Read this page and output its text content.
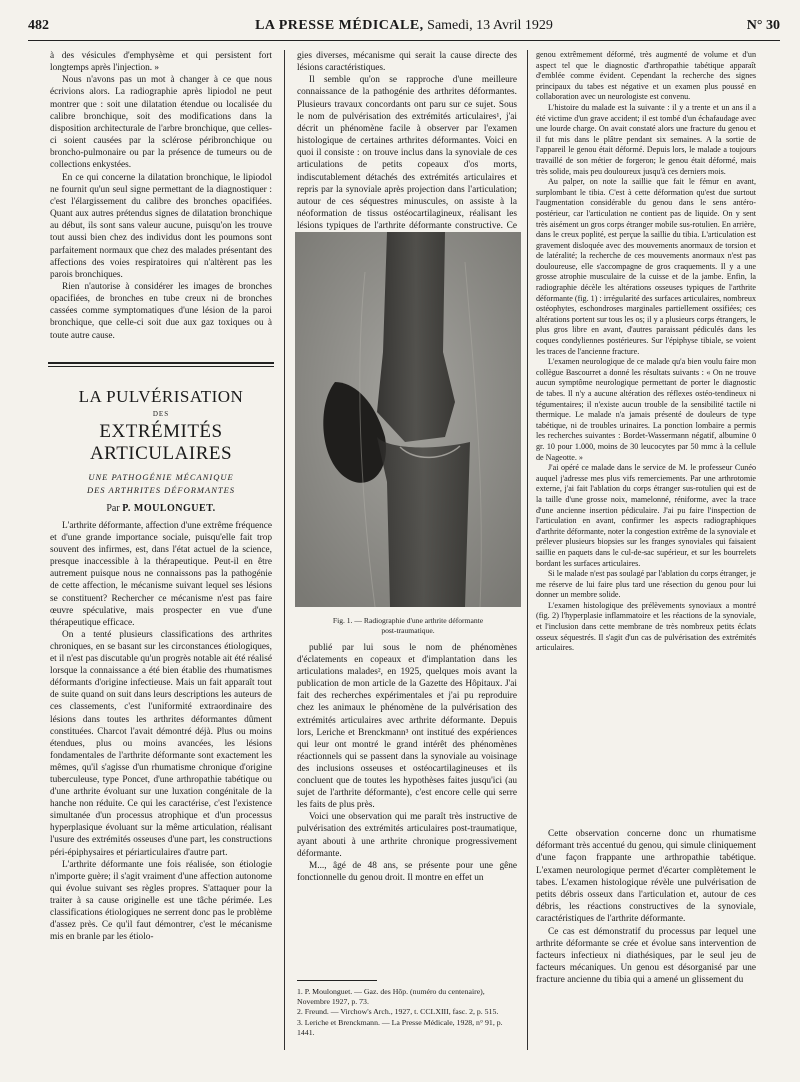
482	LA PRESSE MÉDICALE, Samedi, 13 Avril 1929	N° 30

à des vésicules d'emphysème et qui persistent fort longtemps après l'injection. »

Nous n'avons pas un mot à changer à ce que nous écrivions alors. La radiographie après lipiodol ne peut montrer que : soit une dilatation étendue ou localisée du calibre bronchique, soit des modifications dans la disposition architecturale de l'arbre bronchique, que celles-ci soient causées par la sclérose péribronchique ou broncho-pulmonaire ou par la présence de tumeurs ou de collections enkystées.

En ce qui concerne la dilatation bronchique, le lipiodol ne fournit qu'un seul signe permettant de la diagnostiquer : c'est l'élargissement du calibre des bronches opacifiées. Quant aux autres prétendus signes de dilatation bronchique au début, ils sont sans valeur aucune, puisqu'on les trouve tout aussi bien chez des individus dont les poumons sont parfaitement normaux que chez des malades présentant des affections des voies respiratoires qui n'altèrent pas les parois bronchiques.

Rien n'autorise à considérer les images de bronches opacifiées, de bronches en tube creux ni de bronches cassées comme symptomatiques d'une lésion de la paroi bronchique, que celle-ci soit due aux gaz toxiques ou à toute autre cause.

LA PULVÉRISATION
DES
EXTRÉMITÉS ARTICULAIRES
UNE PATHOGÉNIE MÉCANIQUE
DES ARTHRITES DÉFORMANTES
Par P. MOULONGUET.

L'arthrite déformante, affection d'une extrême fréquence et d'une grande importance sociale, puisqu'elle fait trop souvent des infirmes, est, dans l'état actuel de la science, presque inaccessible à la thérapeutique. Peut-il en être autrement puisque nous ne connaissons pas la pathogénie de cette affection, le mécanisme suivant lequel ses lésions se constituent? Rechercher ce mécanisme n'est pas faire œuvre spéculative, mais prospecter en vue d'une thérapeutique efficace.

On a tenté plusieurs classifications des arthrites chroniques, en se basant sur les circonstances étiologiques, et il n'est pas discutable qu'un progrès notable ait été réalisé lorsque la connaissance a été bien établie des rhumatismes déformants d'origine infectieuse. Mais un fait apparaît tout de suite quand on suit dans leurs descriptions les auteurs de ces classements, c'est l'uniformité extraordinaire des lésions dans toutes les arthrites déformantes dûment constituées. Charcot l'avait démontré déjà. Plus ou moins étendues, plus ou moins avancées, les lésions fondamentales de l'arthrite déformante sont exactement les mêmes, qu'il s'agisse d'un rhumatisme chronique d'origine tuberculeuse, type Poncet, d'une arthropathie tabétique ou d'une arthrite évoluant sur une luxation congénitale de la hanche non réduite. Ce qui les caractérise, c'est l'existence simultanée d'un processus atrophique et d'un processus hyperplasique évoluant sur la même articulation, réalisant l'usure des extrémités osseuses d'une part, les constructions péri-épiphysaires et périarticulaires d'autre part.

L'arthrite déformante une fois réalisée, son étiologie n'importe guère; il s'agit vraiment d'une affection autonome qui évolue suivant ses règles propres. S'attaquer pour la traiter à sa cause originelle est une tâche périmée. Les classifications étiologiques ne serrent donc pas le problème d'assez près. Ce qu'il faut démontrer, c'est le mécanisme mis en branle par les étiolo-

gies diverses, mécanisme qui serait la cause directe des lésions caractéristiques.

Il semble qu'on se rapproche d'une meilleure connaissance de la pathogénie des arthrites déformantes. Plusieurs travaux concordants ont paru sur ce sujet. Sous le nom de pulvérisation des extrémités articulaires¹, j'ai décrit un phénomène facile à observer par l'examen histologique de certaines arthrites déformantes. Voici en quoi il consiste : on trouve inclus dans la synoviale de ces articulations de petits copeaux d'os morts, indiscutablement détachés des extrémités articulaires et repris par la synoviale après projection dans l'articulation; autour de ces séquestres minuscules, on assiste à la néoformation de tissus ostéocartilagineux, réalisant les lésions typiques de l'arthrite déformante constructive. Ce

Fig. 1. — Radiographie d'une arthrite déformante
post-traumatique.

publié par lui sous le nom de phénomènes d'éclatements en copeaux et d'implantation dans les articulations malades², en 1925, quelques mois avant la publication de mon article de la Gazette des Hôpitaux. J'ai fait des recherches expérimentales et j'ai pu reproduire chez les animaux le phénomène de la pulvérisation des extrémités articulaires avec arthrite déformante. Depuis lors, Leriche et Brenckmann³ ont institué des expériences qui leur ont montré le grand intérêt des phénomènes réactionnels qui se passent dans la synoviale au voisinage des inclusions osseuses et ostéocartilagineuses et ils concluent que de toutes les hypothèses faites jusqu'ici (au sujet de l'arthrite déformante), c'est encore celle qui serre les faits de plus près.

Voici une observation qui me paraît très instructive de pulvérisation des extrémités articulaires post-traumatique, ayant abouti à une arthrite chronique progressivement déformante.

M..., âgé de 48 ans, se présente pour une gêne fonctionnelle du genou droit. Il montre en effet un

1. P. Moulonguet. — Gaz. des Hôp. (numéro du centenaire), Novembre 1927, p. 73.
2. Freund. — Virchow's Arch., 1927, t. CCLXIII, fasc. 2, p. 515.
3. Leriche et Brenckmann. — La Presse Médicale, 1928, n° 91, p. 1441.

genou extrêmement déformé, très augmenté de volume et d'un aspect tel que le diagnostic d'arthropathie tabétique apparaît d'emblée comme évident. Cependant la recherche des signes principaux du tabes est négative et un examen plus poussé en collaboration avec un neurologiste est convenu.

L'histoire du malade est la suivante : il y a trente et un ans il a été victime d'un grave accident; il est tombé d'un échafaudage avec une lourde charge. On avait constaté alors une fracture du genou et il fut mis dans le plâtre pendant six semaines. A la sortie de l'appareil le genou était déformé. Depuis lors, le malade a toujours travaillé de son métier de forgeron; le genou était déformé, mais très solide, mais peu douloureux jusqu'à ces derniers mois.

Au palper, on note la saillie que fait le fémur en avant, surplombant le tibia. C'est à cette déformation qu'est due surtout l'augmentation considérable du genou dans le sens antéro-postérieur, car l'articulation ne contient pas de liquide. On y sent très aisément un gros corps étranger mobile sus-rotulien. En arrière, dans le creux poplité, est perçue la saillie du tibia. L'articulation est gravement disloquée avec des mouvements anormaux de torsion et de latéralité; la recherche de ces mouvements anormaux n'est pas douloureuse, elle s'accompagne de gros craquements. Il y a une grosse atrophie musculaire de la cuisse et de la jambe. Enfin, la radiographie décèle les altérations osseuses typiques de l'arthrite déformante (fig. 1) : irrégularité des surfaces articulaires, nombreux ostéophytes, eschondroses marginales partiellement ossifiées; ces altérations portent sur tous les os; il y a plusieurs corps étrangers, le plus gros libre en avant, d'autres paraissant pédiculés dans les coques condyliennes postérieures. Sur l'épiphyse tibiale, se voient les traces de l'ancienne fracture.

L'examen neurologique de ce malade qu'a bien voulu faire mon collègue Bascourret a donné les résultats suivants : « On ne trouve aucun symptôme neurologique permettant de porter le diagnostic de tabes. Il n'y a aucune altération des réflexes ostéo-tendineux ni tégumentaires; il n'existe aucun trouble de la sensibilité tactile ni thermique. Le malade n'a jamais présenté de douleurs de type tabétique, ni de troubles urinaires. La ponction lombaire a permis les recherches suivantes : Bordet-Wassermann négatif, albumine 0 gr. 10 pour 1.000, moins de 30 leucocytes par 50 mmc à la cellule de Nageotte. »

J'ai opéré ce malade dans le service de M. le professeur Cunéo auquel j'adresse mes plus vifs remerciements. Par une arthrotomie externe, j'ai fait l'ablation du corps étranger sus-rotulien qui est de la taille d'une grosse noix, mamelonné, réniforme, avec la trace d'une ancienne insertion pédiculaire. J'ai pu faire l'inspection de l'articulation en avant, confirmer les aspects radiographiques d'arthrite déformante, noter la congestion extrême de la synoviale et prélever plusieurs biopsies sur les franges synoviales qui faisaient saillie en paquets dans le cul-de-sac supérieur, et sur les bourrelets bordant les surfaces articulaires.

Si le malade n'est pas soulagé par l'ablation du corps étranger, je me réserve de lui faire plus tard une résection du genou pour lui donner un membre solide.

L'examen histologique des prélèvements synoviaux a montré (fig. 2) l'hyperplasie inflammatoire et les réactions de la synoviale, et l'inclusion dans cette membrane de très nombreux petits éclats osseux séquestrés. Il s'agit d'un cas de pulvérisation des extrémités articulaires.

Cette observation concerne donc un rhumatisme déformant très accentué du genou, qui simule cliniquement d'une façon frappante une arthropathie tabétique. L'examen neurologique permet d'écarter complètement le tabes. L'examen histologique révèle une pulvérisation de petits débris osseux dans l'articulation et, autour de ces débris, les réactions constructives de la synoviale, caractéristiques de l'arthrite déformante.

Ce cas est démonstratif du processus par lequel une arthrite déformante se crée et évolue sans intervention de facteurs infectieux ni diathésiques, par le seul jeu de facteurs mécaniques. Un genou est désorganisé par une fracture ancienne du tibia qui a amené un glissement du
